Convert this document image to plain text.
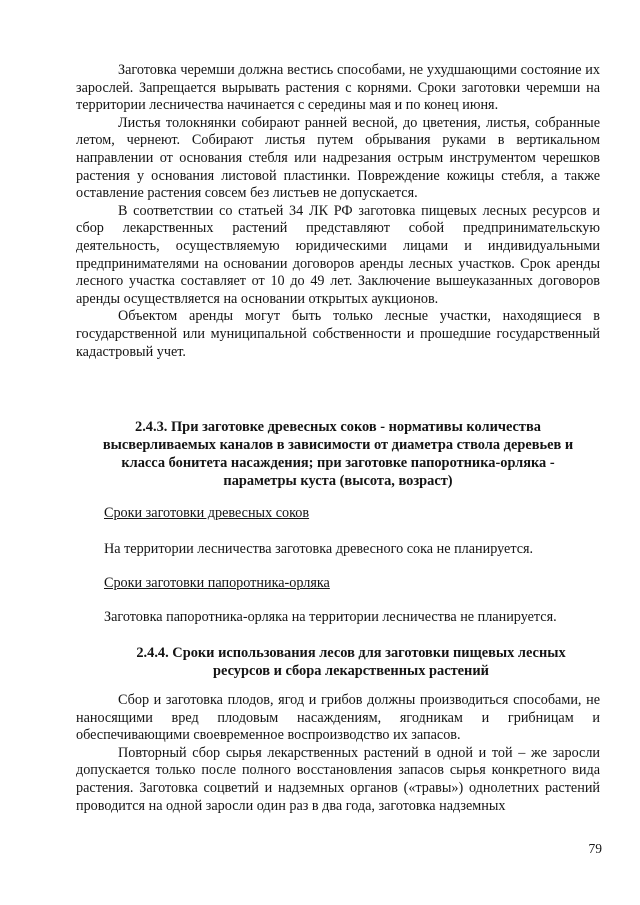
Заготовка черемши должна вестись способами, не ухудшающими состояние их зарослей. Запрещается вырывать растения с корнями. Сроки заготовки черемши на территории лесничества начинается с середины мая и по конец июня.

Листья толокнянки собирают ранней весной, до цветения, листья, собранные летом, чернеют. Собирают листья путем обрывания руками в вертикальном направлении от основания стебля или надрезания острым инструментом черешков растения у основания листовой пластинки. Повреждение кожицы стебля, а также оставление растения совсем без листьев не допускается.

В соответствии со статьей 34 ЛК РФ заготовка пищевых лесных ресурсов и сбор лекарственных растений представляют собой предпринимательскую деятельность, осуществляемую юридическими лицами и индивидуальными предпринимателями на основании договоров аренды лесных участков. Срок аренды лесного участка составляет от 10 до 49 лет. Заключение вышеуказанных договоров аренды осуществляется на основании открытых аукционов.

Объектом аренды могут быть только лесные участки, находящиеся в государственной или муниципальной собственности и прошедшие государственный кадастровый учет.

2.4.3. При заготовке древесных соков - нормативы количества высверливаемых каналов в зависимости от диаметра ствола деревьев и класса бонитета насаждения; при заготовке папоротника-орляка - параметры куста (высота, возраст)

Сроки заготовки древесных соков
На территории лесничества заготовка древесного сока не планируется.
Сроки заготовки папоротника-орляка
Заготовка папоротника-орляка на территории лесничества не планируется.

2.4.4. Сроки использования лесов для заготовки пищевых лесных ресурсов и сбора лекарственных растений

Сбор и заготовка плодов, ягод и грибов должны производиться способами, не наносящими вред плодовым насаждениям, ягодникам и грибницам и обеспечивающими своевременное воспроизводство их запасов.

Повторный сбор сырья лекарственных растений в одной и той – же заросли допускается только после полного восстановления запасов сырья конкретного вида растения. Заготовка соцветий и надземных органов («травы») однолетних растений проводится на одной заросли один раз в два года, заготовка надземных

79
